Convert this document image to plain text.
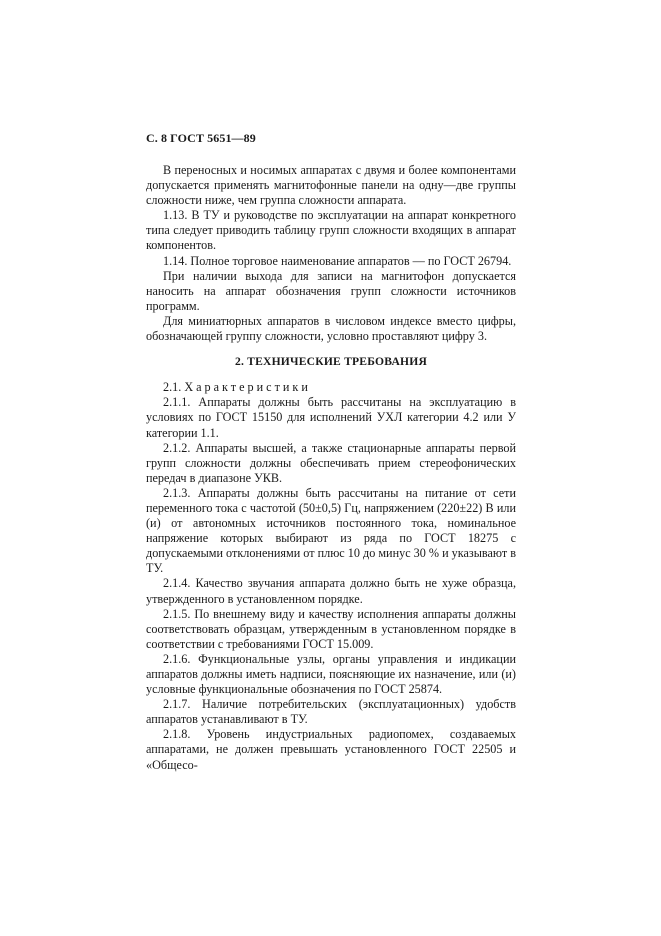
С. 8 ГОСТ 5651—89

В переносных и носимых аппаратах с двумя и более компонентами допускается применять магнитофонные панели на одну—две группы сложности ниже, чем группа сложности аппарата.

1.13. В ТУ и руководстве по эксплуатации на аппарат конкретного типа следует приводить таблицу групп сложности входящих в аппарат компонентов.

1.14. Полное торговое наименование аппаратов — по ГОСТ 26794.

При наличии выхода для записи на магнитофон допускается наносить на аппарат обозначения групп сложности источников программ.

Для миниатюрных аппаратов в числовом индексе вместо цифры, обозначающей группу сложности, условно проставляют цифру 3.

2. ТЕХНИЧЕСКИЕ ТРЕБОВАНИЯ

2.1. Характеристики

2.1.1. Аппараты должны быть рассчитаны на эксплуатацию в условиях по ГОСТ 15150 для исполнений УХЛ категории 4.2 или У категории 1.1.

2.1.2. Аппараты высшей, а также стационарные аппараты первой групп сложности должны обеспечивать прием стереофонических передач в диапазоне УКВ.

2.1.3. Аппараты должны быть рассчитаны на питание от сети переменного тока с частотой (50±0,5) Гц, напряжением (220±22) В или (и) от автономных источников постоянного тока, номинальное напряжение которых выбирают из ряда по ГОСТ 18275 с допускаемыми отклонениями от плюс 10 до минус 30 % и указывают в ТУ.

2.1.4. Качество звучания аппарата должно быть не хуже образца, утвержденного в установленном порядке.

2.1.5. По внешнему виду и качеству исполнения аппараты должны соответствовать образцам, утвержденным в установленном порядке в соответствии с требованиями ГОСТ 15.009.

2.1.6. Функциональные узлы, органы управления и индикации аппаратов должны иметь надписи, поясняющие их назначение, или (и) условные функциональные обозначения по ГОСТ 25874.

2.1.7. Наличие потребительских (эксплуатационных) удобств аппаратов устанавливают в ТУ.

2.1.8. Уровень индустриальных радиопомех, создаваемых аппаратами, не должен превышать установленного ГОСТ 22505 и «Общесо-
